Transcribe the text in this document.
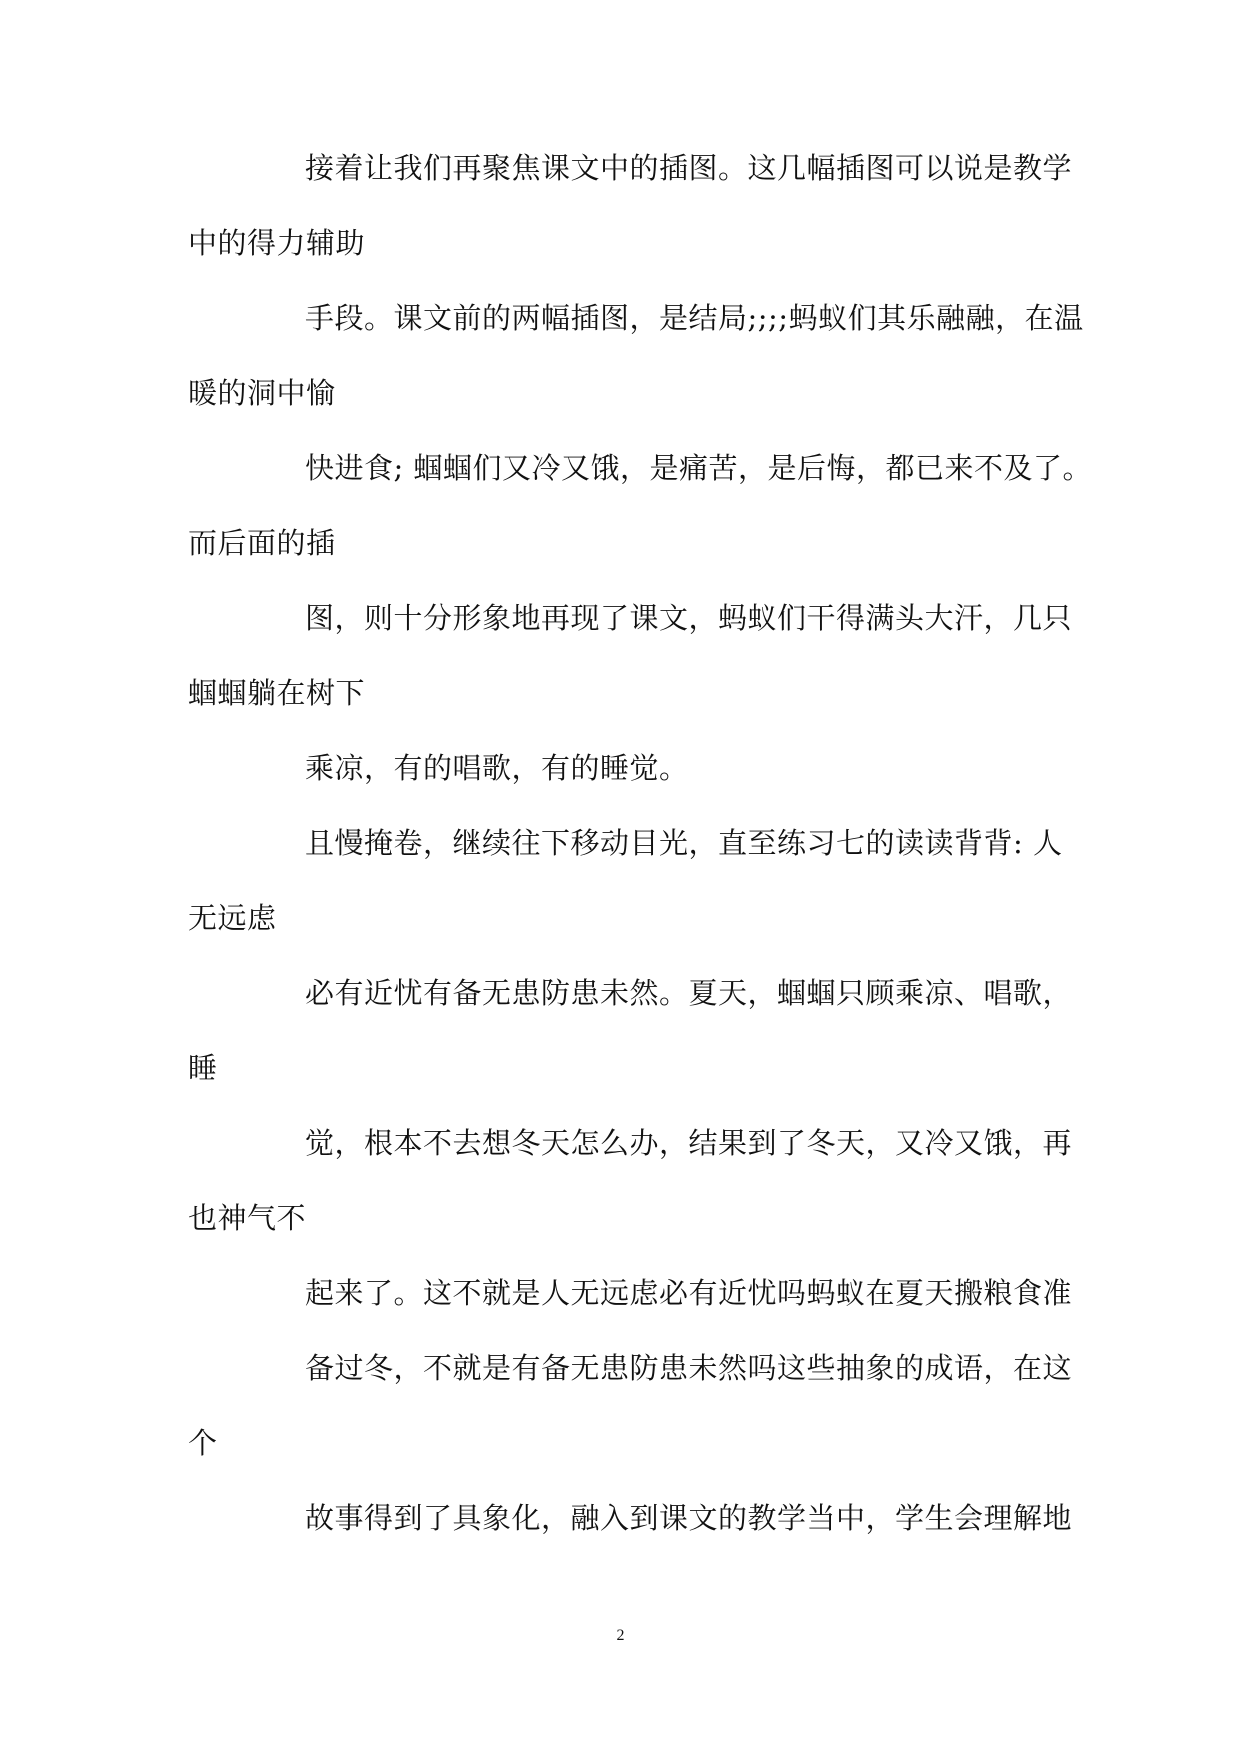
接着让我们再聚焦课文中的插图。这几幅插图可以说是教学
中的得力辅助
手段。课文前的两幅插图，是结局;;;;蚂蚁们其乐融融，在温
暖的洞中愉
快进食; 蝈蝈们又冷又饿，是痛苦，是后悔，都已来不及了。
而后面的插
图，则十分形象地再现了课文，蚂蚁们干得满头大汗，几只
蝈蝈躺在树下
乘凉，有的唱歌，有的睡觉。
且慢掩卷，继续往下移动目光，直至练习七的读读背背: 人
无远虑
必有近忧有备无患防患未然。夏天，蝈蝈只顾乘凉、唱歌，
睡
觉，根本不去想冬天怎么办，结果到了冬天，又冷又饿，再
也神气不
起来了。这不就是人无远虑必有近忧吗蚂蚁在夏天搬粮食准
备过冬，不就是有备无患防患未然吗这些抽象的成语，在这
个
故事得到了具象化，融入到课文的教学当中，学生会理解地
2
